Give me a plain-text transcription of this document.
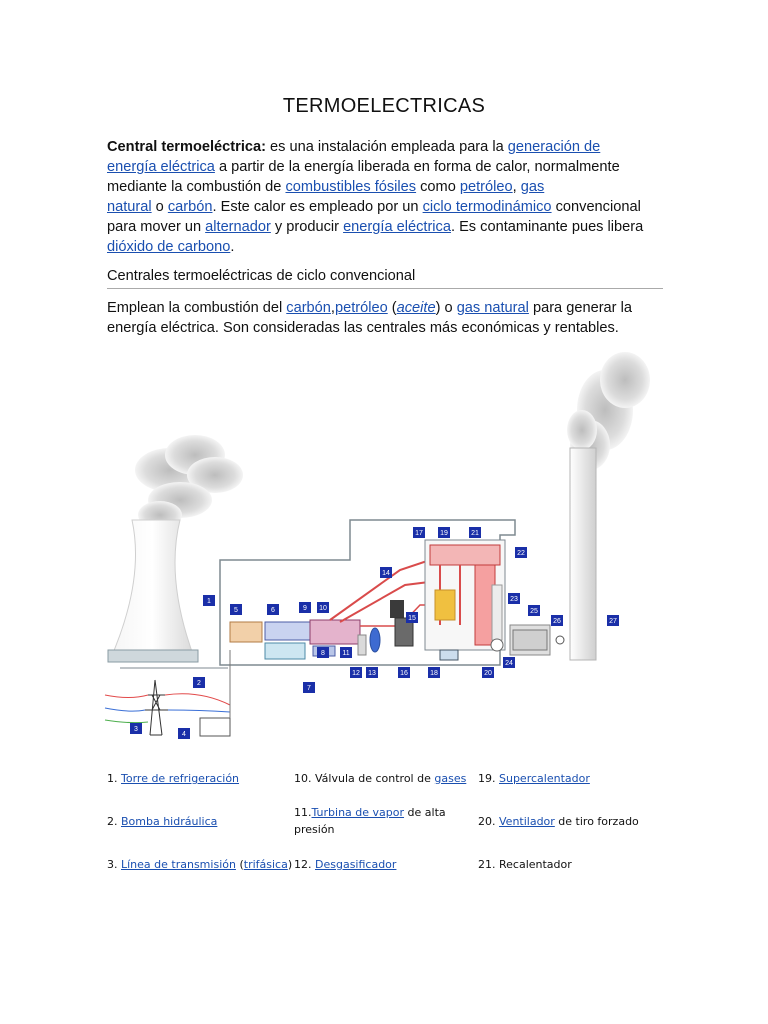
TERMOELECTRICAS
Central termoeléctrica: es una instalación empleada para la generación de
energía eléctrica a partir de la energía liberada en forma de calor, normalmente
mediante la combustión de combustibles fósiles como petróleo, gas
natural o carbón. Este calor es empleado por un ciclo termodinámico convencional
para mover un alternador y producir energía eléctrica. Es contaminante pues libera
dióxido de carbono.
Centrales termoeléctricas de ciclo convencional
Emplean la combustión del carbón,petróleo (aceite) o gas natural para generar la
energía eléctrica. Son consideradas las centrales más económicas y rentables.
1
2
3
4
5	6
7
8
9 10
11
12 13
14
15
16
17
18
19
20
21
22
23
24
25
26	27
1. Torre de refrigeración
2. Bomba hidráulica
3. Línea de transmisión (trifásica)
10. Válvula de control de gases
11.Turbina de vapor de alta
presión
12. Desgasificador
19. Supercalentador
20. Ventilador de tiro forzado
21. Recalentador
